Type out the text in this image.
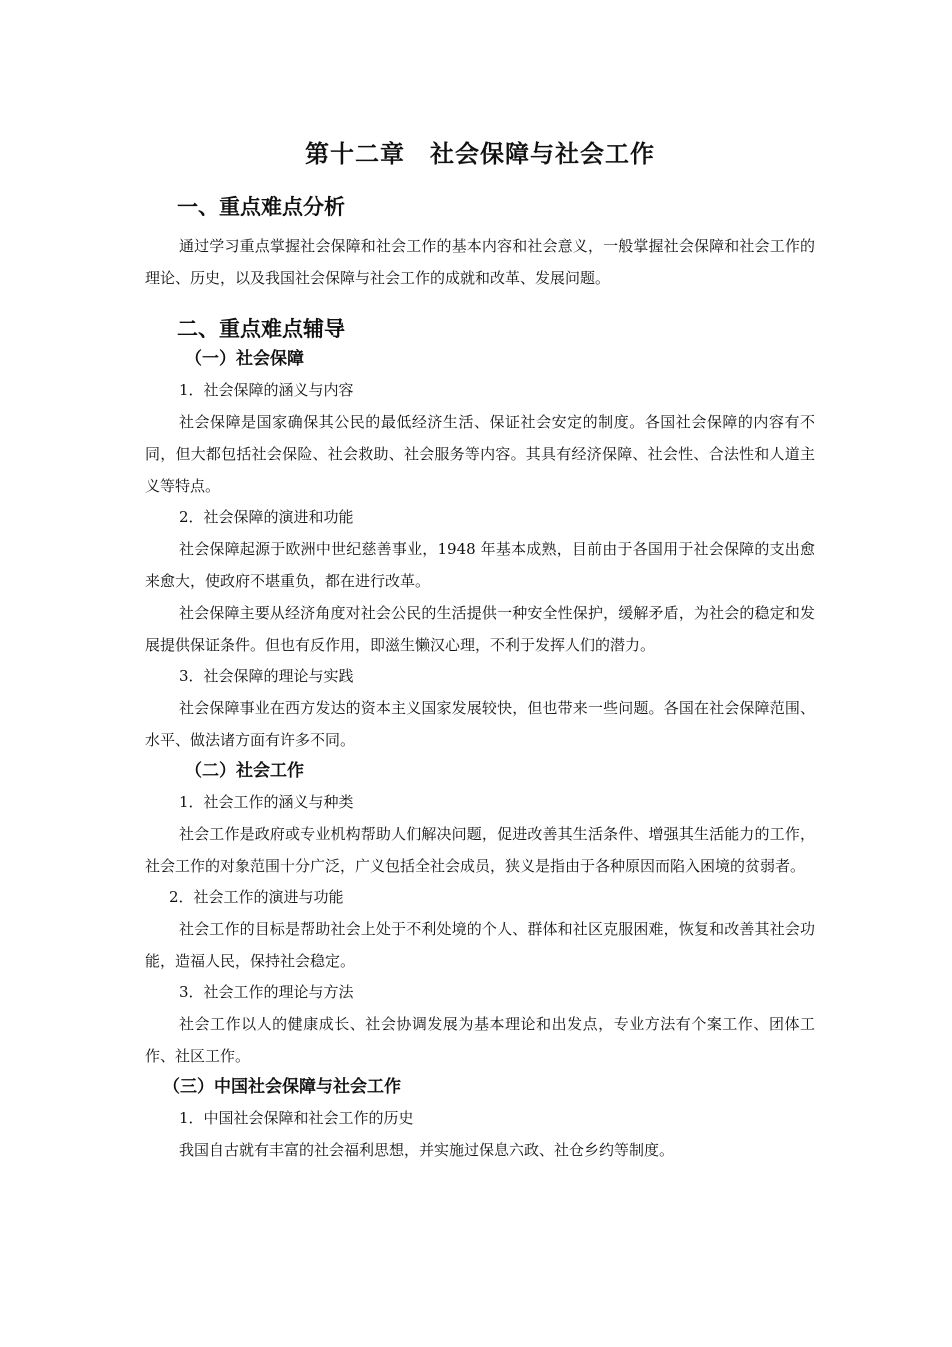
第十二章　社会保障与社会工作
一、重点难点分析

通过学习重点掌握社会保障和社会工作的基本内容和社会意义，一般掌握社会保障和社会工作的理论、历史，以及我国社会保障与社会工作的成就和改革、发展问题。

二、重点难点辅导
（一）社会保障

1．社会保障的涵义与内容

社会保障是国家确保其公民的最低经济生活、保证社会安定的制度。各国社会保障的内容有不同，但大都包括社会保险、社会救助、社会服务等内容。其具有经济保障、社会性、合法性和人道主义等特点。

2．社会保障的演进和功能

社会保障起源于欧洲中世纪慈善事业，1948 年基本成熟，目前由于各国用于社会保障的支出愈来愈大，使政府不堪重负，都在进行改革。

社会保障主要从经济角度对社会公民的生活提供一种安全性保护，缓解矛盾，为社会的稳定和发展提供保证条件。但也有反作用，即滋生懒汉心理，不利于发挥人们的潜力。

3．社会保障的理论与实践

社会保障事业在西方发达的资本主义国家发展较快，但也带来一些问题。各国在社会保障范围、水平、做法诸方面有许多不同。

（二）社会工作

1．社会工作的涵义与种类

社会工作是政府或专业机构帮助人们解决问题，促进改善其生活条件、增强其生活能力的工作，社会工作的对象范围十分广泛，广义包括全社会成员，狭义是指由于各种原因而陷入困境的贫弱者。

2．社会工作的演进与功能

社会工作的目标是帮助社会上处于不利处境的个人、群体和社区克服困难，恢复和改善其社会功能，造福人民，保持社会稳定。

3．社会工作的理论与方法

社会工作以人的健康成长、社会协调发展为基本理论和出发点，专业方法有个案工作、团体工作、社区工作。

（三）中国社会保障与社会工作

1．中国社会保障和社会工作的历史

我国自古就有丰富的社会福利思想，并实施过保息六政、社仓乡约等制度。
